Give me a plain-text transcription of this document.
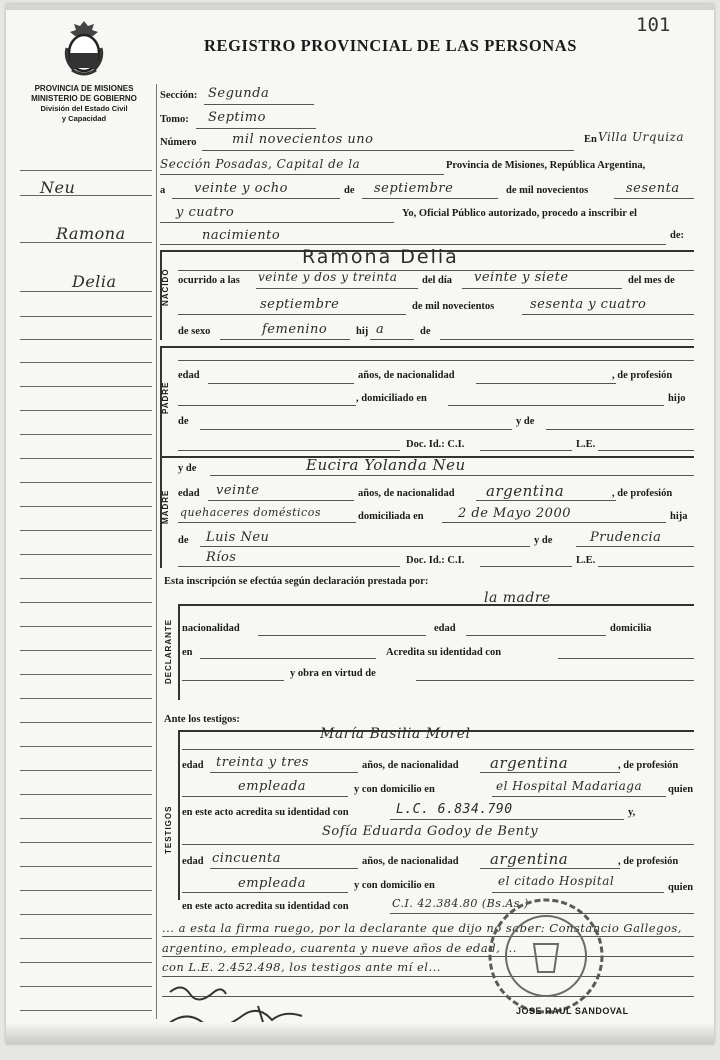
101
REGISTRO PROVINCIAL DE LAS PERSONAS
PROVINCIA DE MISIONES
MINISTERIO DE GOBIERNO
División del Estado Civil
y Capacidad
Neu
Ramona
Delia
Sección: Segunda
Tomo: Septimo
Número	mil novecientos uno	En Villa Urquiza
Sección Posadas, Capital de la	Provincia de Misiones, República Argentina,
a veinte y ocho	de septiembre	de mil novecientos	sesenta
y cuatro	Yo, Oficial Público autorizado, procedo a inscribir el
nacimiento	de:
NACIDO
Ramona Delia
ocurrido a las veinte y dos y treinta del día veinte y siete	del mes de
septiembre	de mil novecientos	sesenta y cuatro
de sexo	femenino	hij a	de
PADRE
edad	años, de nacionalidad	, de profesión
, domiciliado en	hijo
de	y de
Doc. Id.: C.I.	L.E.
MADRE
y de	Eucira Yolanda Neu
edad veinte	años, de nacionalidad argentina	, de profesión
quehaceres domésticos	domiciliada en	2 de Mayo 2000	hija
de Luis Neu	y de	Prudencia
Ríos	Doc. Id.: C.I.	L.E.
Esta inscripción se efectúa según declaración prestada por:
DECLARANTE
la madre
nacionalidad	edad	domicilia
en	Acredita su identidad con
y obra en virtud de
Ante los testigos:
TESTIGOS
María Basilia Morel
edad treinta y tres	años, de nacionalidad argentina	, de profesión
empleada	y con domicilio en	el Hospital Madariaga quien
en este acto acredita su identidad con	L.C. 6.834.790	y,
Sofía Eduarda Godoy de Benty
edad cincuenta	años, de nacionalidad argentina	, de profesión
empleada	y con domicilio en	el citado Hospital	quien
en este acto acredita su identidad con	C.I. 42.384.80 (Bs.As.)
... a esta la firma ruego, por la declarante que dijo no saber: Constancio Gallegos, argentino, empleado, cuarenta y nueve años de edad, ...
con L.E. 2.452.498, los testigos ante mí el...
JOSE RAUL SANDOVAL
